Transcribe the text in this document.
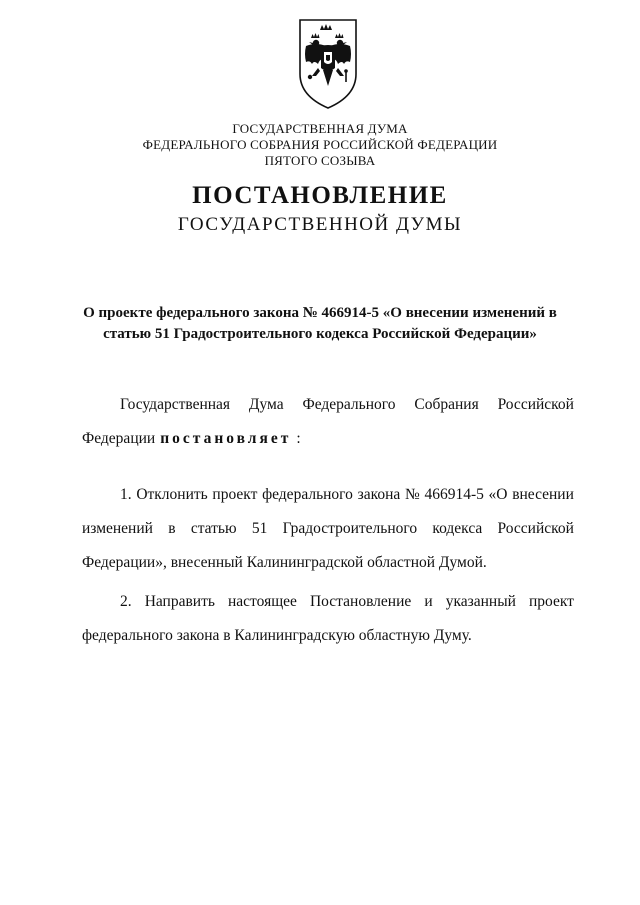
ГОСУДАРСТВЕННАЯ ДУМА
ФЕДЕРАЛЬНОГО СОБРАНИЯ РОССИЙСКОЙ ФЕДЕРАЦИИ
ПЯТОГО СОЗЫВА
ПОСТАНОВЛЕНИЕ
ГОСУДАРСТВЕННОЙ ДУМЫ
О проекте федерального закона № 466914-5 «О внесении изменений в
статью 51 Градостроительного кодекса Российской Федерации»
Государственная Дума Федерального Собрания Российской
Федерации постановляет :
1. Отклонить проект федерального закона № 466914-5 «О внесении
изменений в статью 51 Градостроительного кодекса Российской
Федерации», внесенный Калининградской областной Думой.
2. Направить настоящее Постановление и указанный проект
федерального закона в Калининградскую областную Думу.
